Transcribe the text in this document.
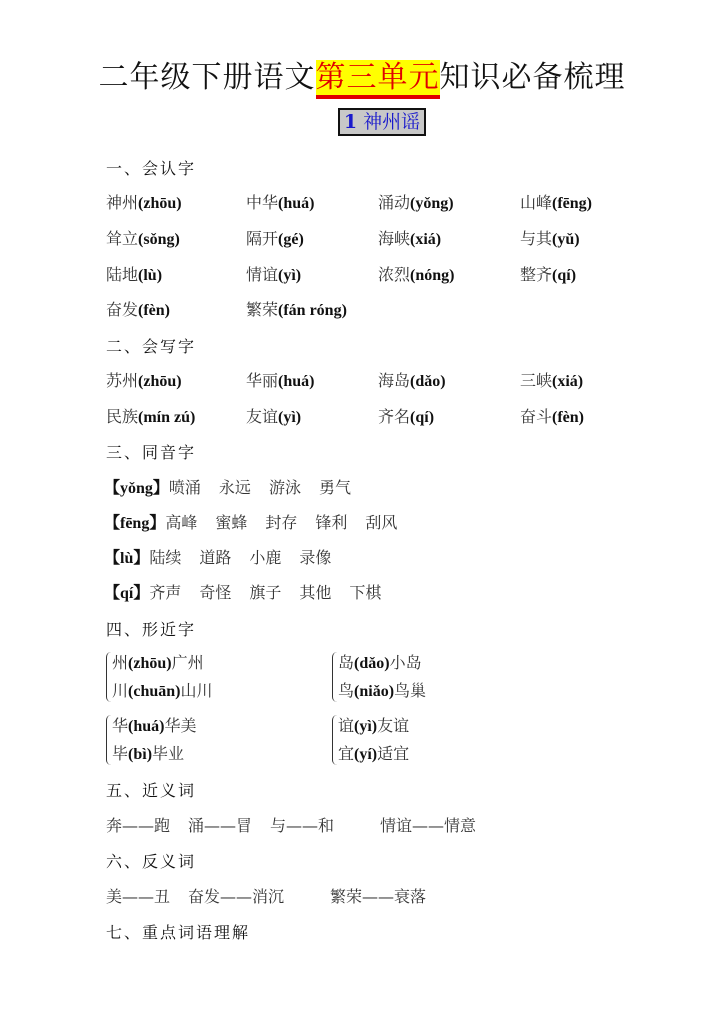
二年级下册语文第三单元知识必备梳理
1 神州谣
一、会认字
神州(zhōu)	中华(huá)	涌动(yǒng)	山峰(fēng)
耸立(sǒng)	隔开(gé)	海峡(xiá)	与其(yǔ)
陆地(lù)	情谊(yì)	浓烈(nóng)	整齐(qí)
奋发(fèn)	繁荣(fán róng)
二、会写字
苏州(zhōu)	华丽(huá)	海岛(dǎo)	三峡(xiá)
民族(mín zú)	友谊(yì)	齐名(qí)	奋斗(fèn)
三、同音字
【yǒng】喷涌 永远 游泳 勇气
【fēng】高峰 蜜蜂 封存 锋利 刮风
【lù】陆续 道路 小鹿 录像
【qí】齐声 奇怪 旗子 其他 下棋
四、形近字
州(zhōu)广州
川(chuān)山川
岛(dǎo)小岛
鸟(niǎo)鸟巢
华(huá)华美
毕(bì)毕业
谊(yì)友谊
宜(yí)适宜
五、近义词
奔——跑 涌——冒 与——和	情谊——情意
六、反义词
美——丑 奋发——消沉	繁荣——衰落
七、重点词语理解
